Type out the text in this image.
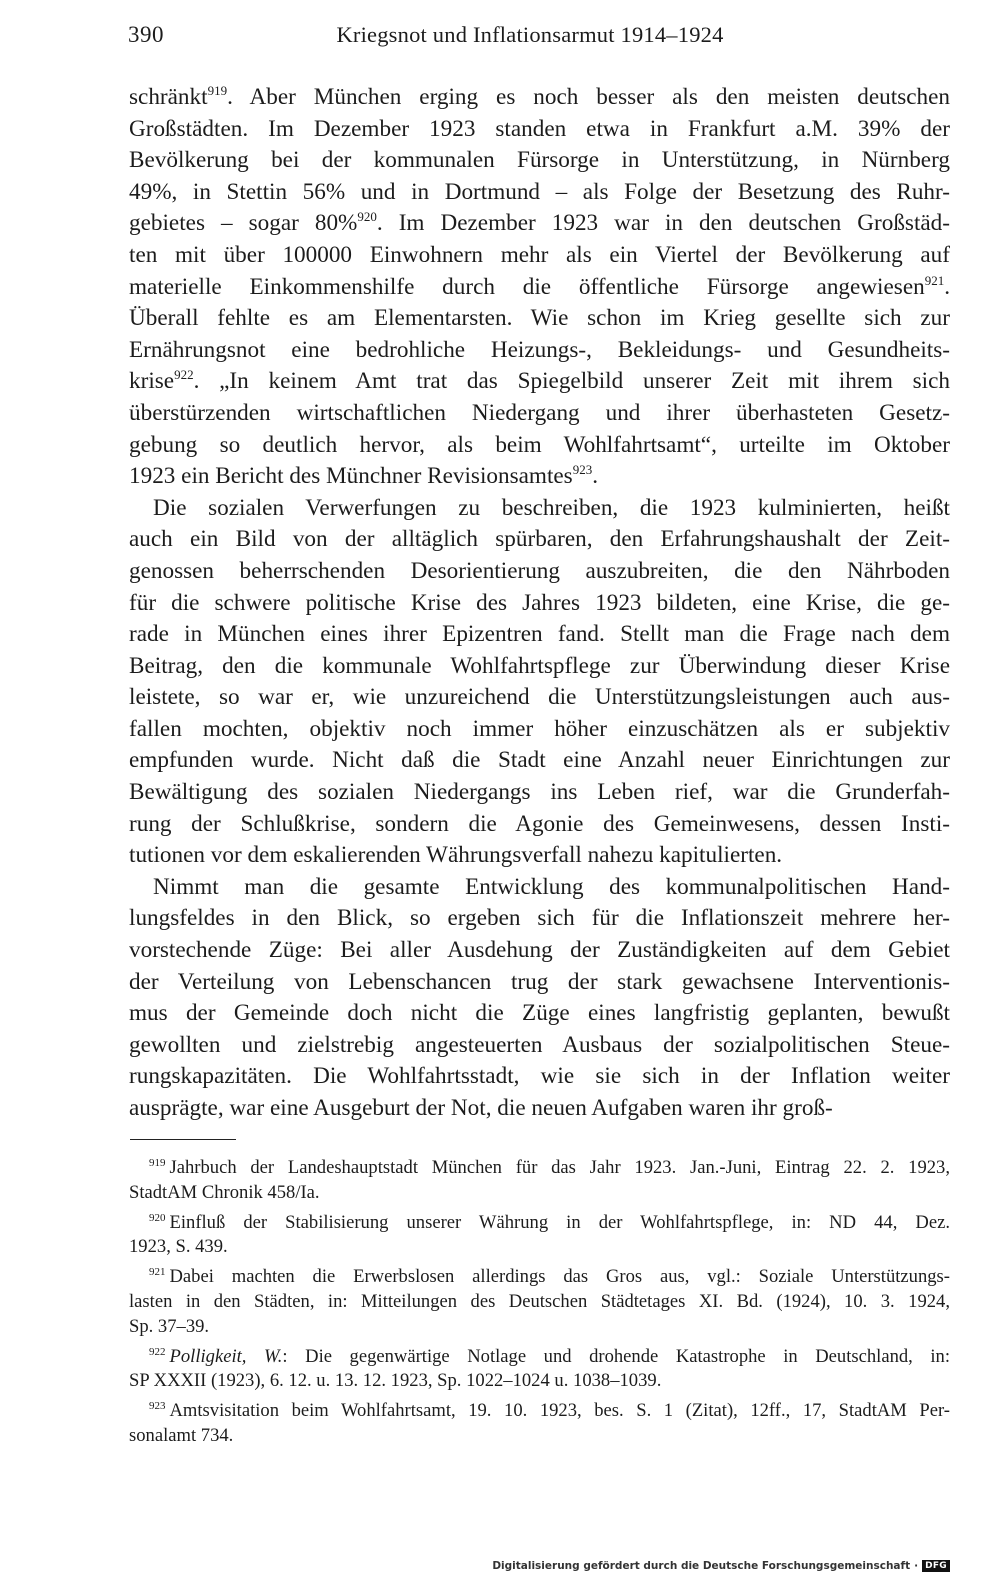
390	Kriegsnot und Inflationsarmut 1914–1924
schränkt$^{919}$. Aber München erging es noch besser als den meisten deutschen
Großstädten. Im Dezember 1923 standen etwa in Frankfurt a.M. 39% der
Bevölkerung bei der kommunalen Fürsorge in Unterstützung, in Nürnberg
49%, in Stettin 56% und in Dortmund – als Folge der Besetzung des Ruhr-
gebietes – sogar 80%$^{920}$. Im Dezember 1923 war in den deutschen Großstäd-
ten mit über 100000 Einwohnern mehr als ein Viertel der Bevölkerung auf
materielle Einkommenshilfe durch die öffentliche Fürsorge angewiesen$^{921}$.
Überall fehlte es am Elementarsten. Wie schon im Krieg gesellte sich zur
Ernährungsnot eine bedrohliche Heizungs-, Bekleidungs- und Gesundheits-
krise$^{922}$. „In keinem Amt trat das Spiegelbild unserer Zeit mit ihrem sich
überstürzenden wirtschaftlichen Niedergang und ihrer überhasteten Gesetz-
gebung so deutlich hervor, als beim Wohlfahrtsamt“, urteilte im Oktober
1923 ein Bericht des Münchner Revisionsamtes$^{923}$.
Die sozialen Verwerfungen zu beschreiben, die 1923 kulminierten, heißt
auch ein Bild von der alltäglich spürbaren, den Erfahrungshaushalt der Zeit-
genossen beherrschenden Desorientierung auszubreiten, die den Nährboden
für die schwere politische Krise des Jahres 1923 bildeten, eine Krise, die ge-
rade in München eines ihrer Epizentren fand. Stellt man die Frage nach dem
Beitrag, den die kommunale Wohlfahrtspflege zur Überwindung dieser Krise
leistete, so war er, wie unzureichend die Unterstützungsleistungen auch aus-
fallen mochten, objektiv noch immer höher einzuschätzen als er subjektiv
empfunden wurde. Nicht daß die Stadt eine Anzahl neuer Einrichtungen zur
Bewältigung des sozialen Niedergangs ins Leben rief, war die Grunderfah-
rung der Schlußkrise, sondern die Agonie des Gemeinwesens, dessen Insti-
tutionen vor dem eskalierenden Währungsverfall nahezu kapitulierten.
Nimmt man die gesamte Entwicklung des kommunalpolitischen Hand-
lungsfeldes in den Blick, so ergeben sich für die Inflationszeit mehrere her-
vorstechende Züge: Bei aller Ausdehung der Zuständigkeiten auf dem Gebiet
der Verteilung von Lebenschancen trug der stark gewachsene Interventionis-
mus der Gemeinde doch nicht die Züge eines langfristig geplanten, bewußt
gewollten und zielstrebig angesteuerten Ausbaus der sozialpolitischen Steue-
rungskapazitäten. Die Wohlfahrtsstadt, wie sie sich in der Inflation weiter
ausprägte, war eine Ausgeburt der Not, die neuen Aufgaben waren ihr groß-
$^{919}$ Jahrbuch der Landeshauptstadt München für das Jahr 1923. Jan.-Juni, Eintrag 22. 2. 1923,
StadtAM Chronik 458/Ia.
$^{920}$ Einfluß der Stabilisierung unserer Währung in der Wohlfahrtspflege, in: ND 44, Dez.
1923, S. 439.
$^{921}$ Dabei machten die Erwerbslosen allerdings das Gros aus, vgl.: Soziale Unterstützungs-
lasten in den Städten, in: Mitteilungen des Deutschen Städtetages XI. Bd. (1924), 10. 3. 1924,
Sp. 37–39.
$^{922}$ Polligkeit, W.: Die gegenwärtige Notlage und drohende Katastrophe in Deutschland, in:
SP XXXII (1923), 6. 12. u. 13. 12. 1923, Sp. 1022–1024 u. 1038–1039.
$^{923}$ Amtsvisitation beim Wohlfahrtsamt, 19. 10. 1923, bes. S. 1 (Zitat), 12ff., 17, StadtAM Per-
sonalamt 734.
Digitalisierung gefördert durch die Deutsche Forschungsgemeinschaft · DFG
